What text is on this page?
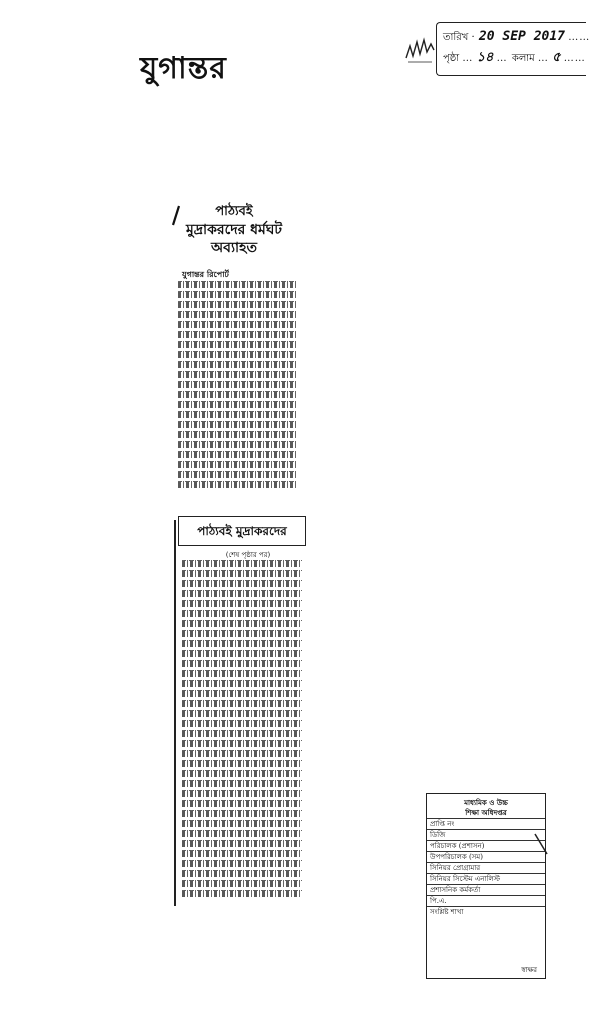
যুগান্তর
তারিখ · 20 SEP 2017 ……
পৃষ্ঠা … ১৪ … কলাম … ৫ ……
পাঠ্যবই
মুদ্রাকরদের ধর্মঘট
অব্যাহত
যুগান্তর রিপোর্ট
পাঠ্যবই মুদ্রাকরদের
(শেষ পৃষ্ঠার পর)
মাধ্যমিক ও উচ্চ
শিক্ষা অধিদপ্তর
প্রাপ্তি নং
ডিজি
পরিচালক (প্রশাসন)
উপপরিচালক (সম)
সিনিয়র প্রোগ্রামার
সিনিয়র সিস্টেম এনালিস্ট
প্রশাসনিক কর্মকর্তা
পি.এ.
সংশ্লিষ্ট শাখা
স্বাক্ষর
